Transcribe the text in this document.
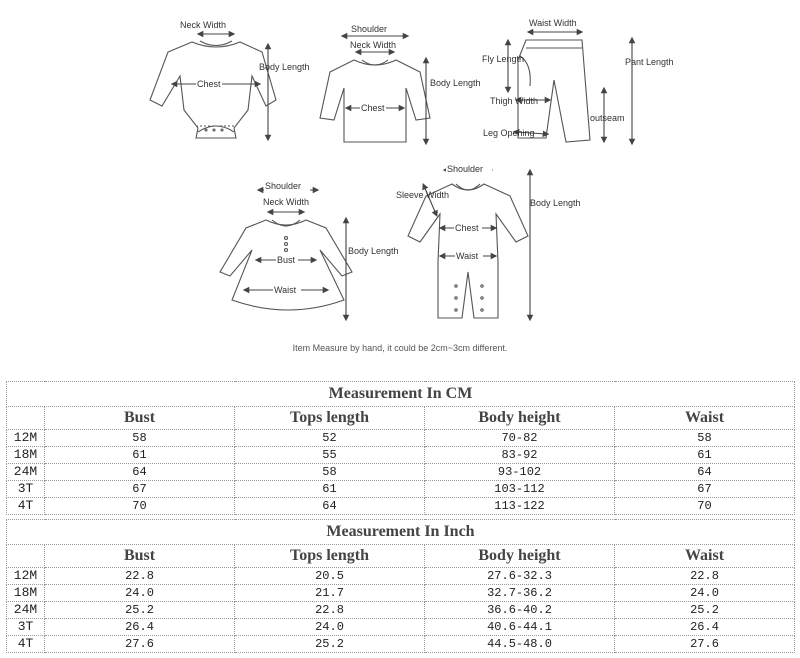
Neck Width
Body Length
Chest
Shoulder
Neck Width
Chest
Body Length
Waist Width
Fly Length	Pant Length
Thigh Width
outseam
Leg Opening
Shoulder
Neck Width
Bust
Waist
Body Length
Shoulder
Sleeve Width
Chest
Waist
Body Length
Item Measure by hand, it could be 2cm~3cm different.
Measurement In CM				
	Bust	Tops length	Body height	Waist
12M	58	52	70-82	58
18M	61	55	83-92	61
24M	64	58	93-102	64
3T	67	61	103-112	67
4T	70	64	113-122	70
Measurement In Inch				
	Bust	Tops length	Body height	Waist
12M	22.8	20.5	27.6-32.3	22.8
18M	24.0	21.7	32.7-36.2	24.0
24M	25.2	22.8	36.6-40.2	25.2
3T	26.4	24.0	40.6-44.1	26.4
4T	27.6	25.2	44.5-48.0	27.6
